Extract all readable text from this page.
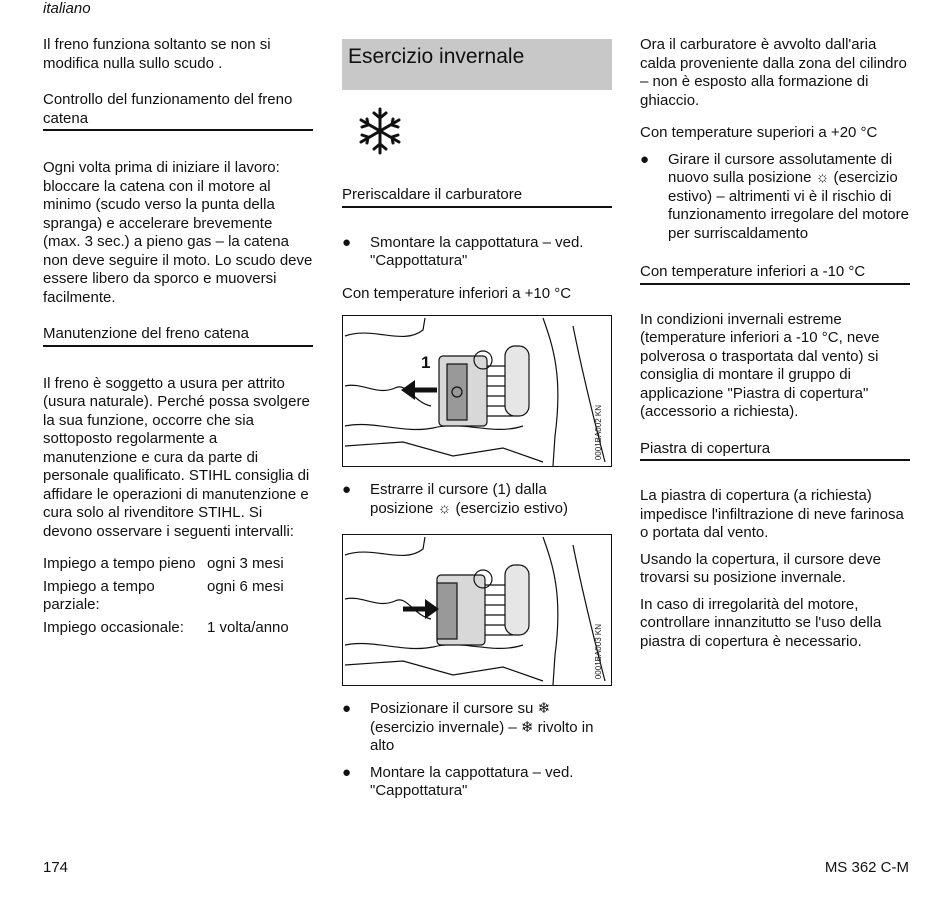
italiano

Il freno funziona soltanto se non si modifica nulla sullo scudo .

Controllo del funzionamento del freno catena

Ogni volta prima di iniziare il lavoro: bloccare la catena con il motore al minimo (scudo verso la punta della spranga) e accelerare brevemente (max. 3 sec.) a pieno gas – la catena non deve seguire il moto. Lo scudo deve essere libero da sporco e muoversi facilmente.

Manutenzione del freno catena

Il freno è soggetto a usura per attrito (usura naturale). Perché possa svolgere la sua funzione, occorre che sia sottoposto regolarmente a manutenzione e cura da parte di personale qualificato. STIHL consiglia di affidare le operazioni di manutenzione e cura solo al rivenditore STIHL. Si devono osservare i seguenti intervalli:

Impiego a tempo pieno ogni 3 mesi
Impiego a tempo parziale:
ogni 6 mesi
Impiego occasionale:	1 volta/anno
Esercizio invernale
Preriscaldare il carburatore
● Smontare la cappottatura – ved. "Cappottatura"
Con temperature inferiori a +10 °C
1
0001BA002 KN
● Estrarre il cursore (1) dalla posizione ☼ (esercizio estivo)
0001BA003 KN
● Posizionare il cursore su ❄ (esercizio invernale) – ❄ rivolto in alto
● Montare la cappottatura – ved. "Cappottatura"

Ora il carburatore è avvolto dall'aria calda proveniente dalla zona del cilindro – non è esposto alla formazione di ghiaccio.

Con temperature superiori a +20 °C
● Girare il cursore assolutamente di nuovo sulla posizione ☼ (esercizio estivo) – altrimenti vi è il rischio di funzionamento irregolare del motore per surriscaldamento
Con temperature inferiori a -10 °C

In condizioni invernali estreme (temperature inferiori a -10 °C, neve polverosa o trasportata dal vento) si consiglia di montare il gruppo di applicazione "Piastra di copertura" (accessorio a richiesta).

Piastra di copertura

La piastra di copertura (a richiesta) impedisce l'infiltrazione di neve farinosa o portata dal vento.

Usando la copertura, il cursore deve trovarsi su posizione invernale.

In caso di irregolarità del motore, controllare innanzitutto se l'uso della piastra di copertura è necessario.

174	MS 362 C-M
